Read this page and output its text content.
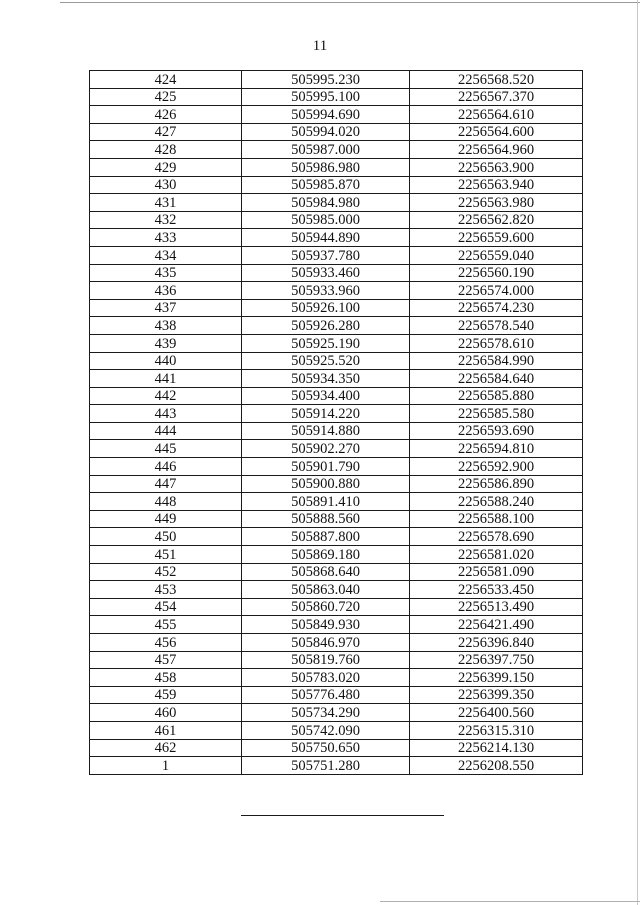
11
424	505995.230	2256568.520
425	505995.100	2256567.370
426	505994.690	2256564.610
427	505994.020	2256564.600
428	505987.000	2256564.960
429	505986.980	2256563.900
430	505985.870	2256563.940
431	505984.980	2256563.980
432	505985.000	2256562.820
433	505944.890	2256559.600
434	505937.780	2256559.040
435	505933.460	2256560.190
436	505933.960	2256574.000
437	505926.100	2256574.230
438	505926.280	2256578.540
439	505925.190	2256578.610
440	505925.520	2256584.990
441	505934.350	2256584.640
442	505934.400	2256585.880
443	505914.220	2256585.580
444	505914.880	2256593.690
445	505902.270	2256594.810
446	505901.790	2256592.900
447	505900.880	2256586.890
448	505891.410	2256588.240
449	505888.560	2256588.100
450	505887.800	2256578.690
451	505869.180	2256581.020
452	505868.640	2256581.090
453	505863.040	2256533.450
454	505860.720	2256513.490
455	505849.930	2256421.490
456	505846.970	2256396.840
457	505819.760	2256397.750
458	505783.020	2256399.150
459	505776.480	2256399.350
460	505734.290	2256400.560
461	505742.090	2256315.310
462	505750.650	2256214.130
1	505751.280	2256208.550
